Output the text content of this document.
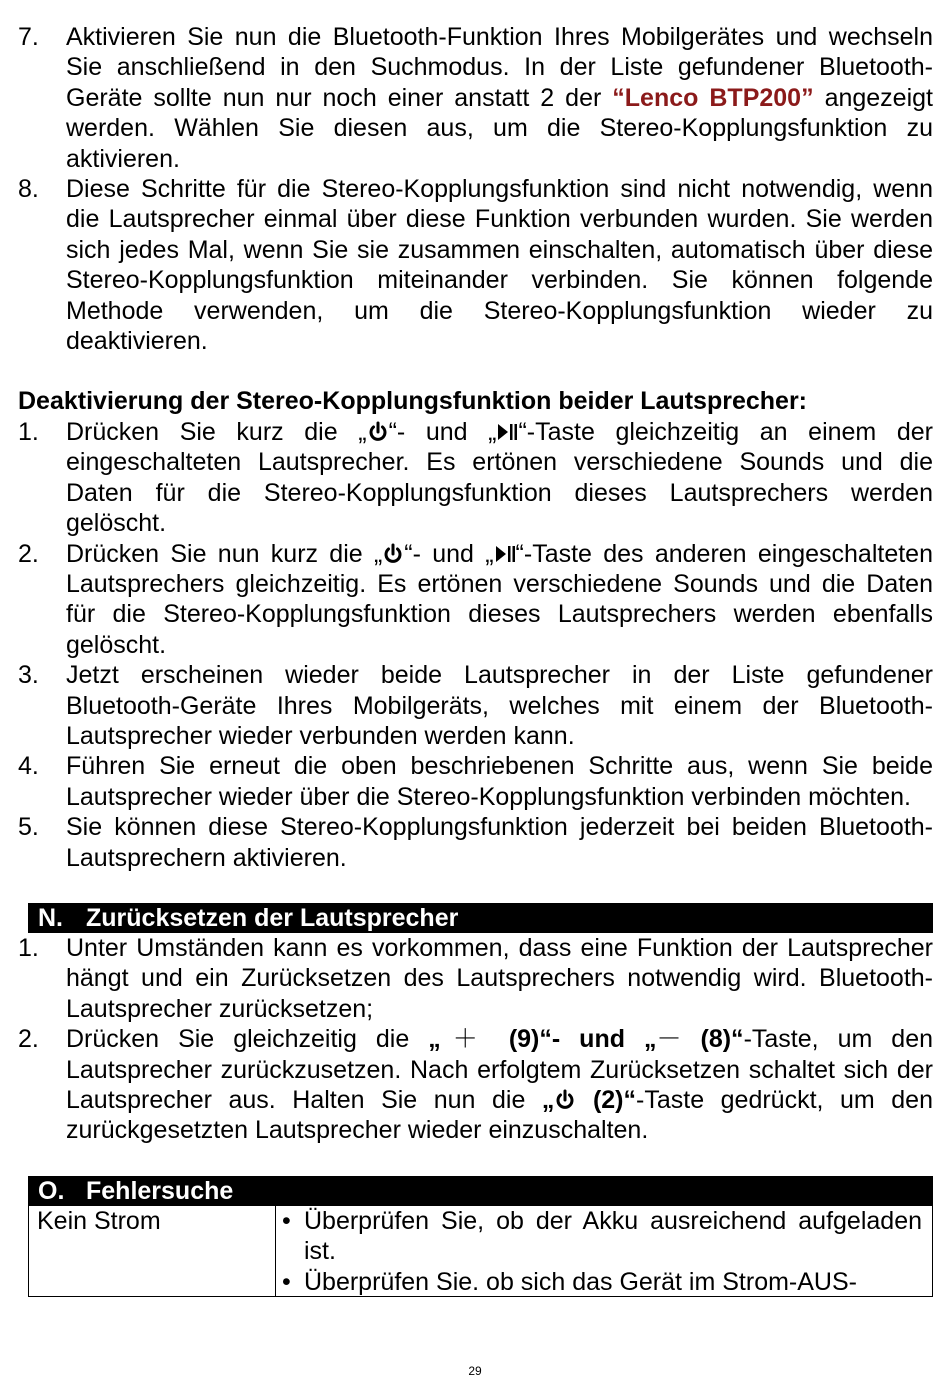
7. Aktivieren Sie nun die Bluetooth-Funktion Ihres Mobilgerätes und wechseln Sie anschließend in den Suchmodus. In der Liste gefundener Bluetooth-Geräte sollte nun nur noch einer anstatt 2 der “Lenco BTP200” angezeigt werden. Wählen Sie diesen aus, um die Stereo-Kopplungsfunktion zu aktivieren.
8. Diese Schritte für die Stereo-Kopplungsfunktion sind nicht notwendig, wenn die Lautsprecher einmal über diese Funktion verbunden wurden. Sie werden sich jedes Mal, wenn Sie sie zusammen einschalten, automatisch über diese Stereo-Kopplungsfunktion miteinander verbinden. Sie können folgende Methode verwenden, um die Stereo-Kopplungsfunktion wieder zu deaktivieren.
Deaktivierung der Stereo-Kopplungsfunktion beider Lautsprecher:
1. Drücken Sie kurz die „ “- und „ “-Taste gleichzeitig an einem der eingeschalteten Lautsprecher. Es ertönen verschiedene Sounds und die Daten für die Stereo-Kopplungsfunktion dieses Lautsprechers werden gelöscht.
2. Drücken Sie nun kurz die „ “- und „ “-Taste des anderen eingeschalteten Lautsprechers gleichzeitig. Es ertönen verschiedene Sounds und die Daten für die Stereo-Kopplungsfunktion dieses Lautsprechers werden ebenfalls gelöscht.
3. Jetzt erscheinen wieder beide Lautsprecher in der Liste gefundener Bluetooth-Geräte Ihres Mobilgeräts, welches mit einem der Bluetooth-Lautsprecher wieder verbunden werden kann.
4. Führen Sie erneut die oben beschriebenen Schritte aus, wenn Sie beide Lautsprecher wieder über die Stereo-Kopplungsfunktion verbinden möchten.
5. Sie können diese Stereo-Kopplungsfunktion jederzeit bei beiden Bluetooth-Lautsprechern aktivieren.
N. Zurücksetzen der Lautsprecher
1. Unter Umständen kann es vorkommen, dass eine Funktion der Lautsprecher hängt und ein Zurücksetzen des Lautsprechers notwendig wird. Bluetooth-Lautsprecher zurücksetzen;
2. Drücken Sie gleichzeitig die „＋ (9)“- und „－ (8)“-Taste, um den Lautsprecher zurückzusetzen. Nach erfolgtem Zurücksetzen schaltet sich der Lautsprecher aus. Halten Sie nun die „ (2)“-Taste gedrückt, um den zurückgesetzten Lautsprecher wieder einzuschalten.
O. Fehlersuche
Kein Strom	• Überprüfen Sie, ob der Akku ausreichend aufgeladen ist.
• Überprüfen Sie. ob sich das Gerät im Strom-AUS-
29
